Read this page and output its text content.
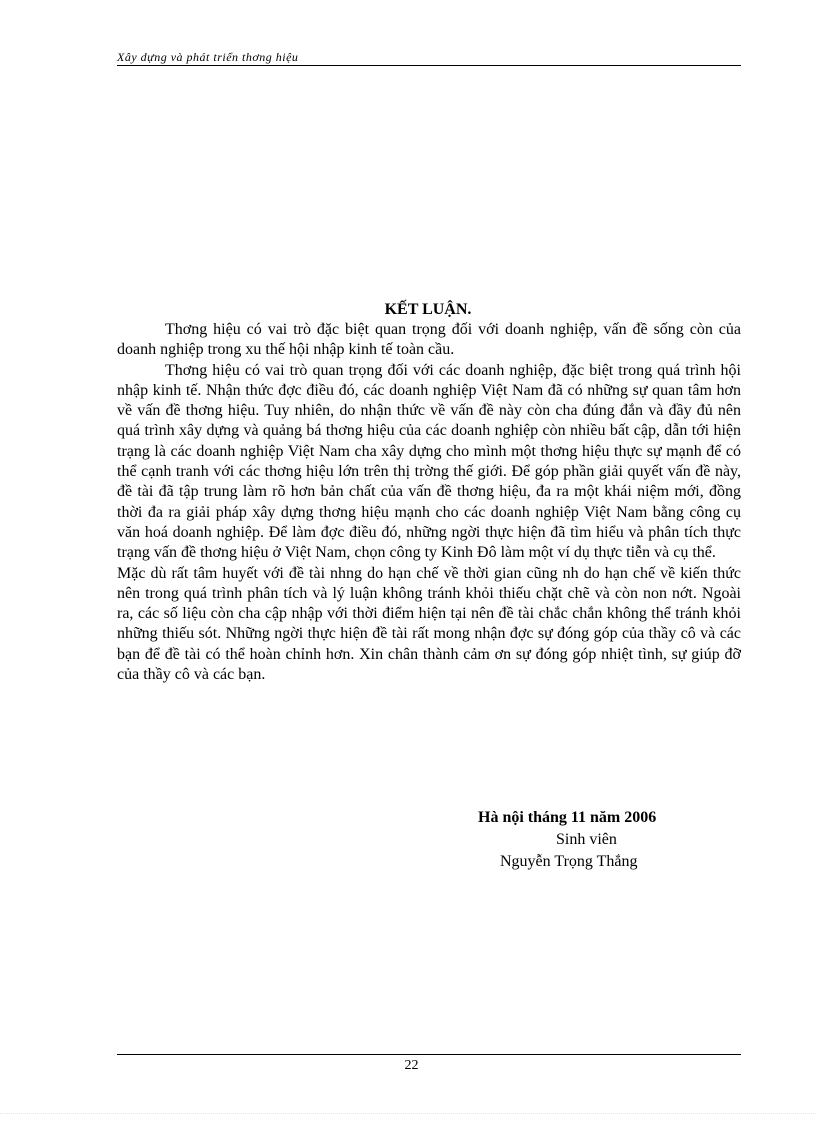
Xây dựng và phát triển thơng hiệu
KẾT LUẬN.

Thơng hiệu có vai trò đặc biệt quan trọng đối với doanh nghiệp, vấn đề sống còn của doanh nghiệp trong xu thế hội nhập kinh tế toàn cầu.

Thơng hiệu có vai trò quan trọng đối với các doanh nghiệp, đặc biệt trong quá trình hội nhập kinh tế. Nhận thức đợc điều đó, các doanh nghiệp Việt Nam đã có những sự quan tâm hơn về vấn đề thơng hiệu. Tuy nhiên, do nhận thức về vấn đề này còn cha đúng đắn và đầy đủ nên quá trình xây dựng và quảng bá thơng hiệu của các doanh nghiệp còn nhiều bất cập, dẫn tới hiện trạng là các doanh nghiệp Việt Nam cha xây dựng cho mình một thơng hiệu thực sự mạnh để có thể cạnh tranh với các thơng hiệu lớn trên thị trờng thế giới. Để góp phần giải quyết vấn đề này, đề tài đã tập trung làm rõ hơn bản chất của vấn đề thơng hiệu, đa ra một khái niệm mới, đồng thời đa ra giải pháp xây dựng thơng hiệu mạnh cho các doanh nghiệp Việt Nam bằng công cụ văn hoá doanh nghiệp. Để làm đợc điều đó, những ngời thực hiện đã tìm hiểu và phân tích thực trạng vấn đề thơng hiệu ở Việt Nam, chọn công ty Kinh Đô làm một ví dụ thực tiễn và cụ thể.

Mặc dù rất tâm huyết với đề tài nhng do hạn chế về thời gian cũng nh do hạn chế về kiến thức nên trong quá trình phân tích và lý luận không tránh khỏi thiếu chặt chẽ và còn non nớt. Ngoài ra, các số liệu còn cha cập nhập với thời điểm hiện tại nên đề tài chắc chắn không thể tránh khỏi những thiếu sót. Những ngời thực hiện đề tài rất mong nhận đợc sự đóng góp của thầy cô và các bạn để đề tài có thể hoàn chỉnh hơn. Xin chân thành cảm ơn sự đóng góp nhiệt tình, sự giúp đỡ của thầy cô và các bạn.

Hà nội tháng 11 năm 2006
Sinh viên
Nguyễn Trọng Thắng
22
